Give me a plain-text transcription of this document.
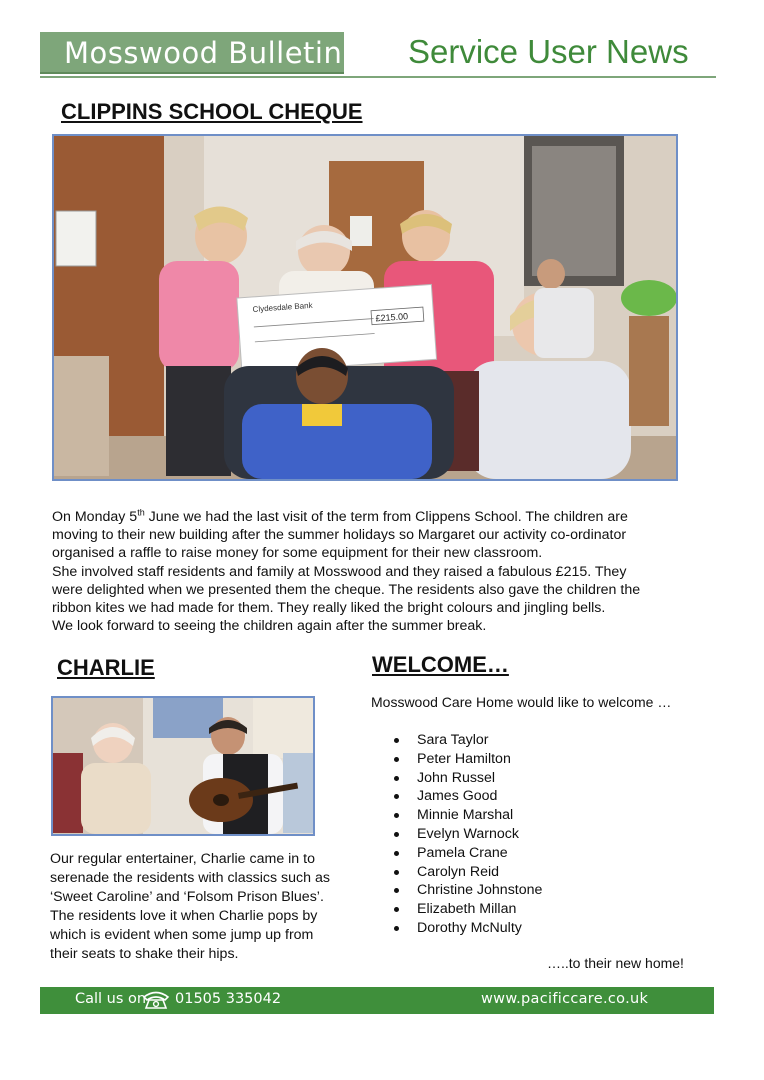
Mosswood Bulletin Service User News
CLIPPINS SCHOOL CHEQUE
Clydesdale Bank
£215.00

On Monday 5th June we had the last visit of the term from Clippens School. The children are

moving to their new building after the summer holidays so Margaret our activity co-ordinator

organised a raffle to raise money for some equipment for their new classroom.

She involved staff residents and family at Mosswood and they raised a fabulous £215. They

were delighted when we presented them the cheque. The residents also gave the children the

ribbon kites we had made for them. They really liked the bright colours and jingling bells.

We look forward to seeing the children again after the summer break.

CHARLIE
Our regular entertainer, Charlie came in to
serenade the residents with classics such as
‘Sweet Caroline’ and ‘Folsom Prison Blues’.
The residents love it when Charlie pops by
which is evident when some jump up from
their seats to shake their hips.
WELCOME…
Mosswood Care Home would like to welcome …
Sara Taylor
Peter Hamilton
John Russel
James Good
Minnie Marshal
Evelyn Warnock
Pamela Crane
Carolyn Reid
Christine Johnstone
Elizabeth Millan
Dorothy McNulty
…..to their new home!
Call us on 01505 335042	www.pacificcare.co.uk
